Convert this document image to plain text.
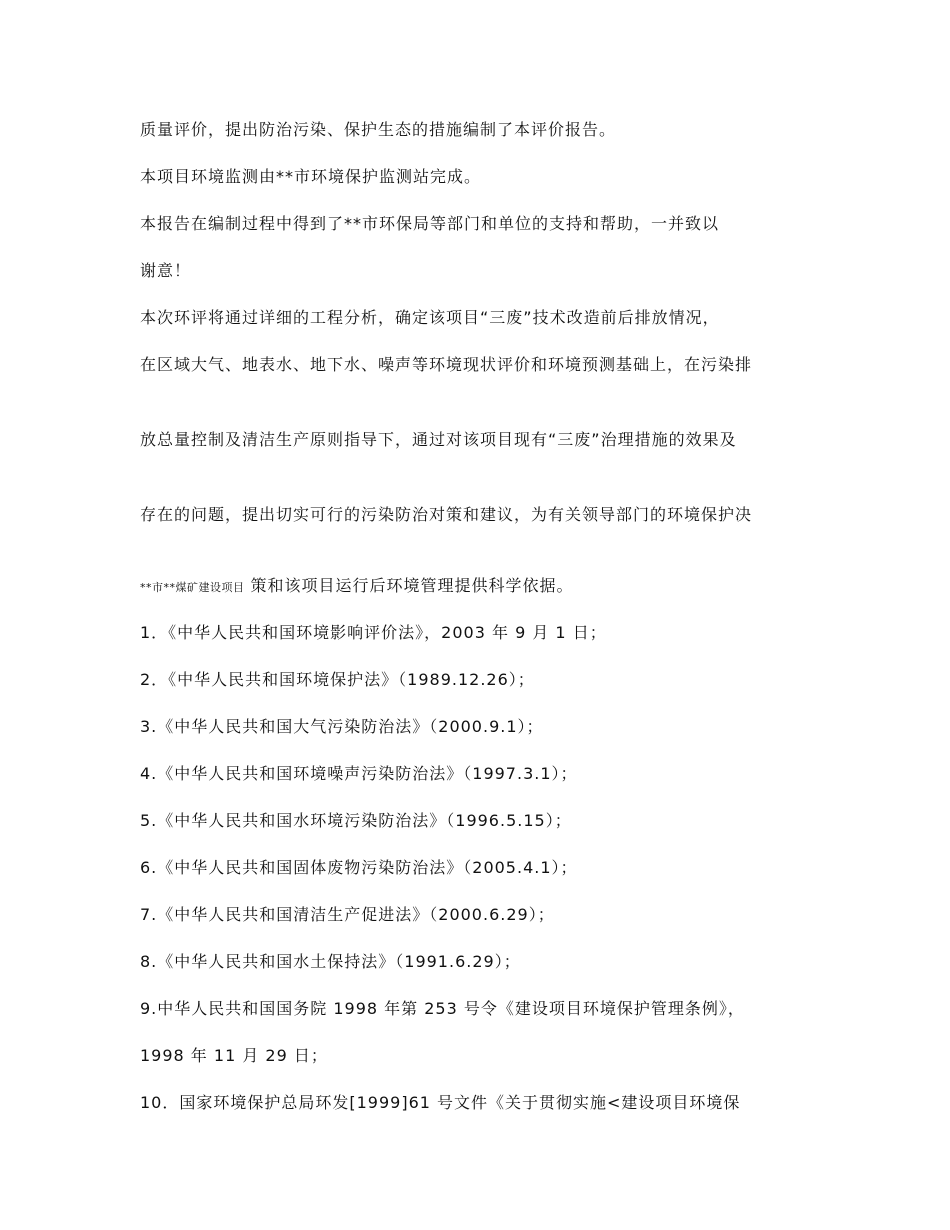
质量评价，提出防治污染、保护生态的措施编制了本评价报告。
本项目环境监测由**市环境保护监测站完成。
本报告在编制过程中得到了**市环保局等部门和单位的支持和帮助，一并致以
谢意！
本次环评将通过详细的工程分析，确定该项目“三废”技术改造前后排放情况，
在区域大气、地表水、地下水、噪声等环境现状评价和环境预测基础上，在污染排
放总量控制及清洁生产原则指导下，通过对该项目现有“三废”治理措施的效果及
存在的问题，提出切实可行的污染防治对策和建议，为有关领导部门的环境保护决
**市**煤矿建设项目 策和该项目运行后环境管理提供科学依据。
1．《中华人民共和国环境影响评价法》，2003 年 9 月 1 日；
2．《中华人民共和国环境保护法》（1989.12.26）；
3.《中华人民共和国大气污染防治法》（2000.9.1）；
4.《中华人民共和国环境噪声污染防治法》（1997.3.1）；
5.《中华人民共和国水环境污染防治法》（1996.5.15）；
6.《中华人民共和国固体废物污染防治法》（2005.4.1）；
7.《中华人民共和国清洁生产促进法》（2000.6.29）；
8.《中华人民共和国水土保持法》（1991.6.29）；
9.中华人民共和国国务院 1998 年第 253 号令《建设项目环境保护管理条例》，
1998 年 11 月 29 日；
10．国家环境保护总局环发[1999]61 号文件《关于贯彻实施<建设项目环境保
